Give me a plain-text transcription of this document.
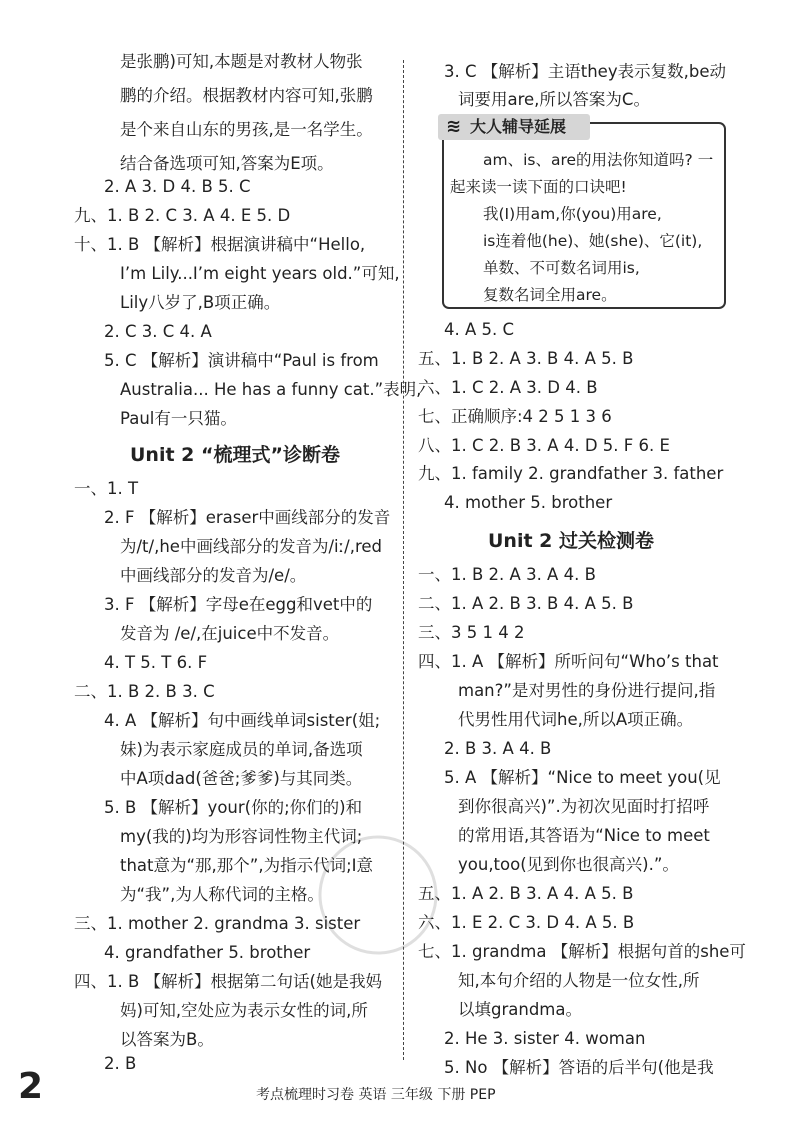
是张鹏)可知,本题是对教材人物张
鹏的介绍。根据教材内容可知,张鹏
是个来自山东的男孩,是一名学生。
结合备选项可知,答案为E项。
2. A 3. D 4. B 5. C
九、1. B 2. C 3. A 4. E 5. D
十、1. B 【解析】根据演讲稿中“Hello,
I’m Lily...I’m eight years old.”可知,
Lily八岁了,B项正确。
2. C 3. C 4. A
5. C 【解析】演讲稿中“Paul is from
Australia... He has a funny cat.”表明,
Paul有一只猫。
Unit 2 “梳理式”诊断卷
一、1. T
2. F 【解析】eraser中画线部分的发音
为/t/,he中画线部分的发音为/iː/,red
中画线部分的发音为/e/。
3. F 【解析】字母e在egg和vet中的
发音为 /e/,在juice中不发音。
4. T 5. T 6. F
二、1. B 2. B 3. C
4. A 【解析】句中画线单词sister(姐;
妹)为表示家庭成员的单词,备选项
中A项dad(爸爸;爹爹)与其同类。
5. B 【解析】your(你的;你们的)和
my(我的)均为形容词性物主代词;
that意为“那,那个”,为指示代词;I意
为“我”,为人称代词的主格。
三、1. mother 2. grandma 3. sister
4. grandfather 5. brother
四、1. B 【解析】根据第二句话(她是我妈
妈)可知,空处应为表示女性的词,所
以答案为B。
2. B
3. C 【解析】主语they表示复数,be动
词要用are,所以答案为C。
≋ 大人辅导延展
am、is、are的用法你知道吗? 一
起来读一读下面的口诀吧!
我(I)用am,你(you)用are,
is连着他(he)、她(she)、它(it),
单数、不可数名词用is,
复数名词全用are。
4. A 5. C
五、1. B 2. A 3. B 4. A 5. B
六、1. C 2. A 3. D 4. B
七、正确顺序:4 2 5 1 3 6
八、1. C 2. B 3. A 4. D 5. F 6. E
九、1. family 2. grandfather 3. father
4. mother 5. brother
Unit 2 过关检测卷
一、1. B 2. A 3. A 4. B
二、1. A 2. B 3. B 4. A 5. B
三、3 5 1 4 2
四、1. A 【解析】所听问句“Who’s that
man?”是对男性的身份进行提问,指
代男性用代词he,所以A项正确。
2. B 3. A 4. B
5. A 【解析】“Nice to meet you(见
到你很高兴)”.为初次见面时打招呼
的常用语,其答语为“Nice to meet
you,too(见到你也很高兴).”。
五、1. A 2. B 3. A 4. A 5. B
六、1. E 2. C 3. D 4. A 5. B
七、1. grandma 【解析】根据句首的she可
知,本句介绍的人物是一位女性,所
以填grandma。
2. He 3. sister 4. woman
5. No 【解析】答语的后半句(他是我
2	考点梳理时习卷 英语 三年级 下册 PEP
